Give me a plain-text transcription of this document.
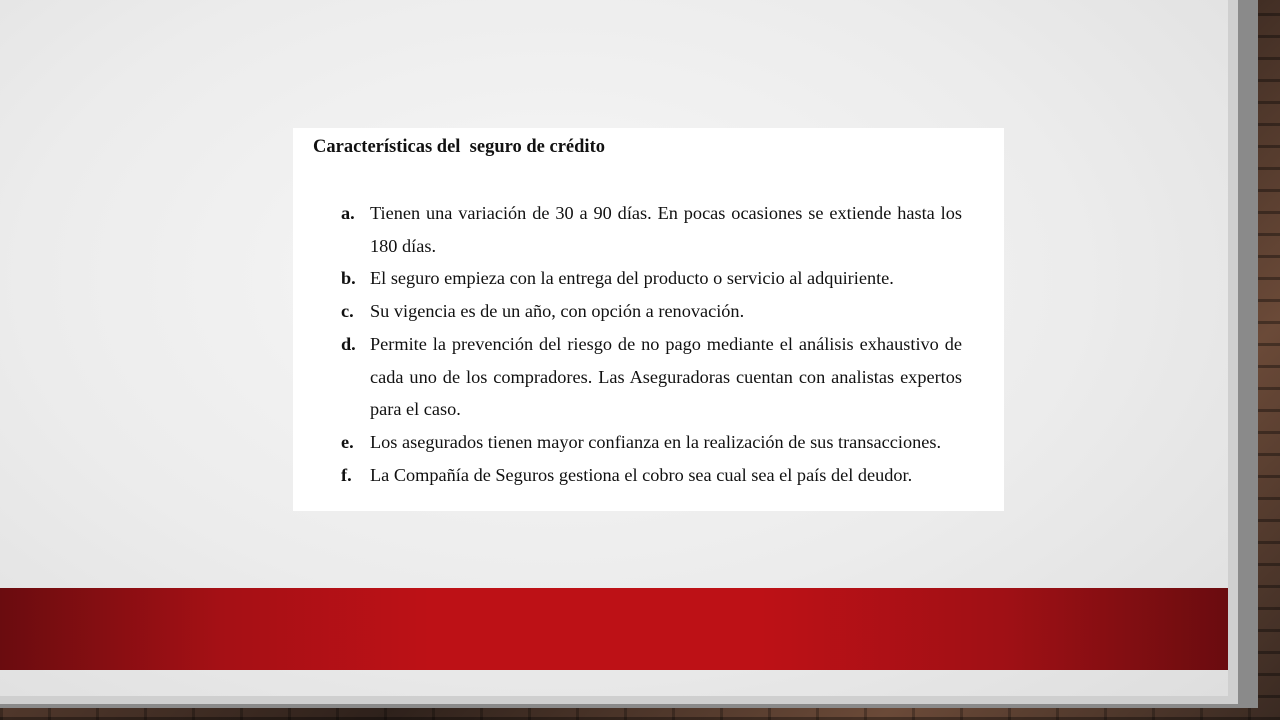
Características del  seguro de crédito
a. Tienen una variación de 30 a 90 días. En pocas ocasiones se extiende hasta los 180 días.
b. El seguro empieza con la entrega del producto o servicio al adquiriente.
c. Su vigencia es de un año, con opción a renovación.
d. Permite la prevención del riesgo de no pago mediante el análisis exhaustivo de cada uno de los compradores. Las Aseguradoras cuentan con analistas expertos para el caso.
e. Los asegurados tienen mayor confianza en la realización de sus transacciones.
f. La Compañía de Seguros gestiona el cobro sea cual sea el país del deudor.
